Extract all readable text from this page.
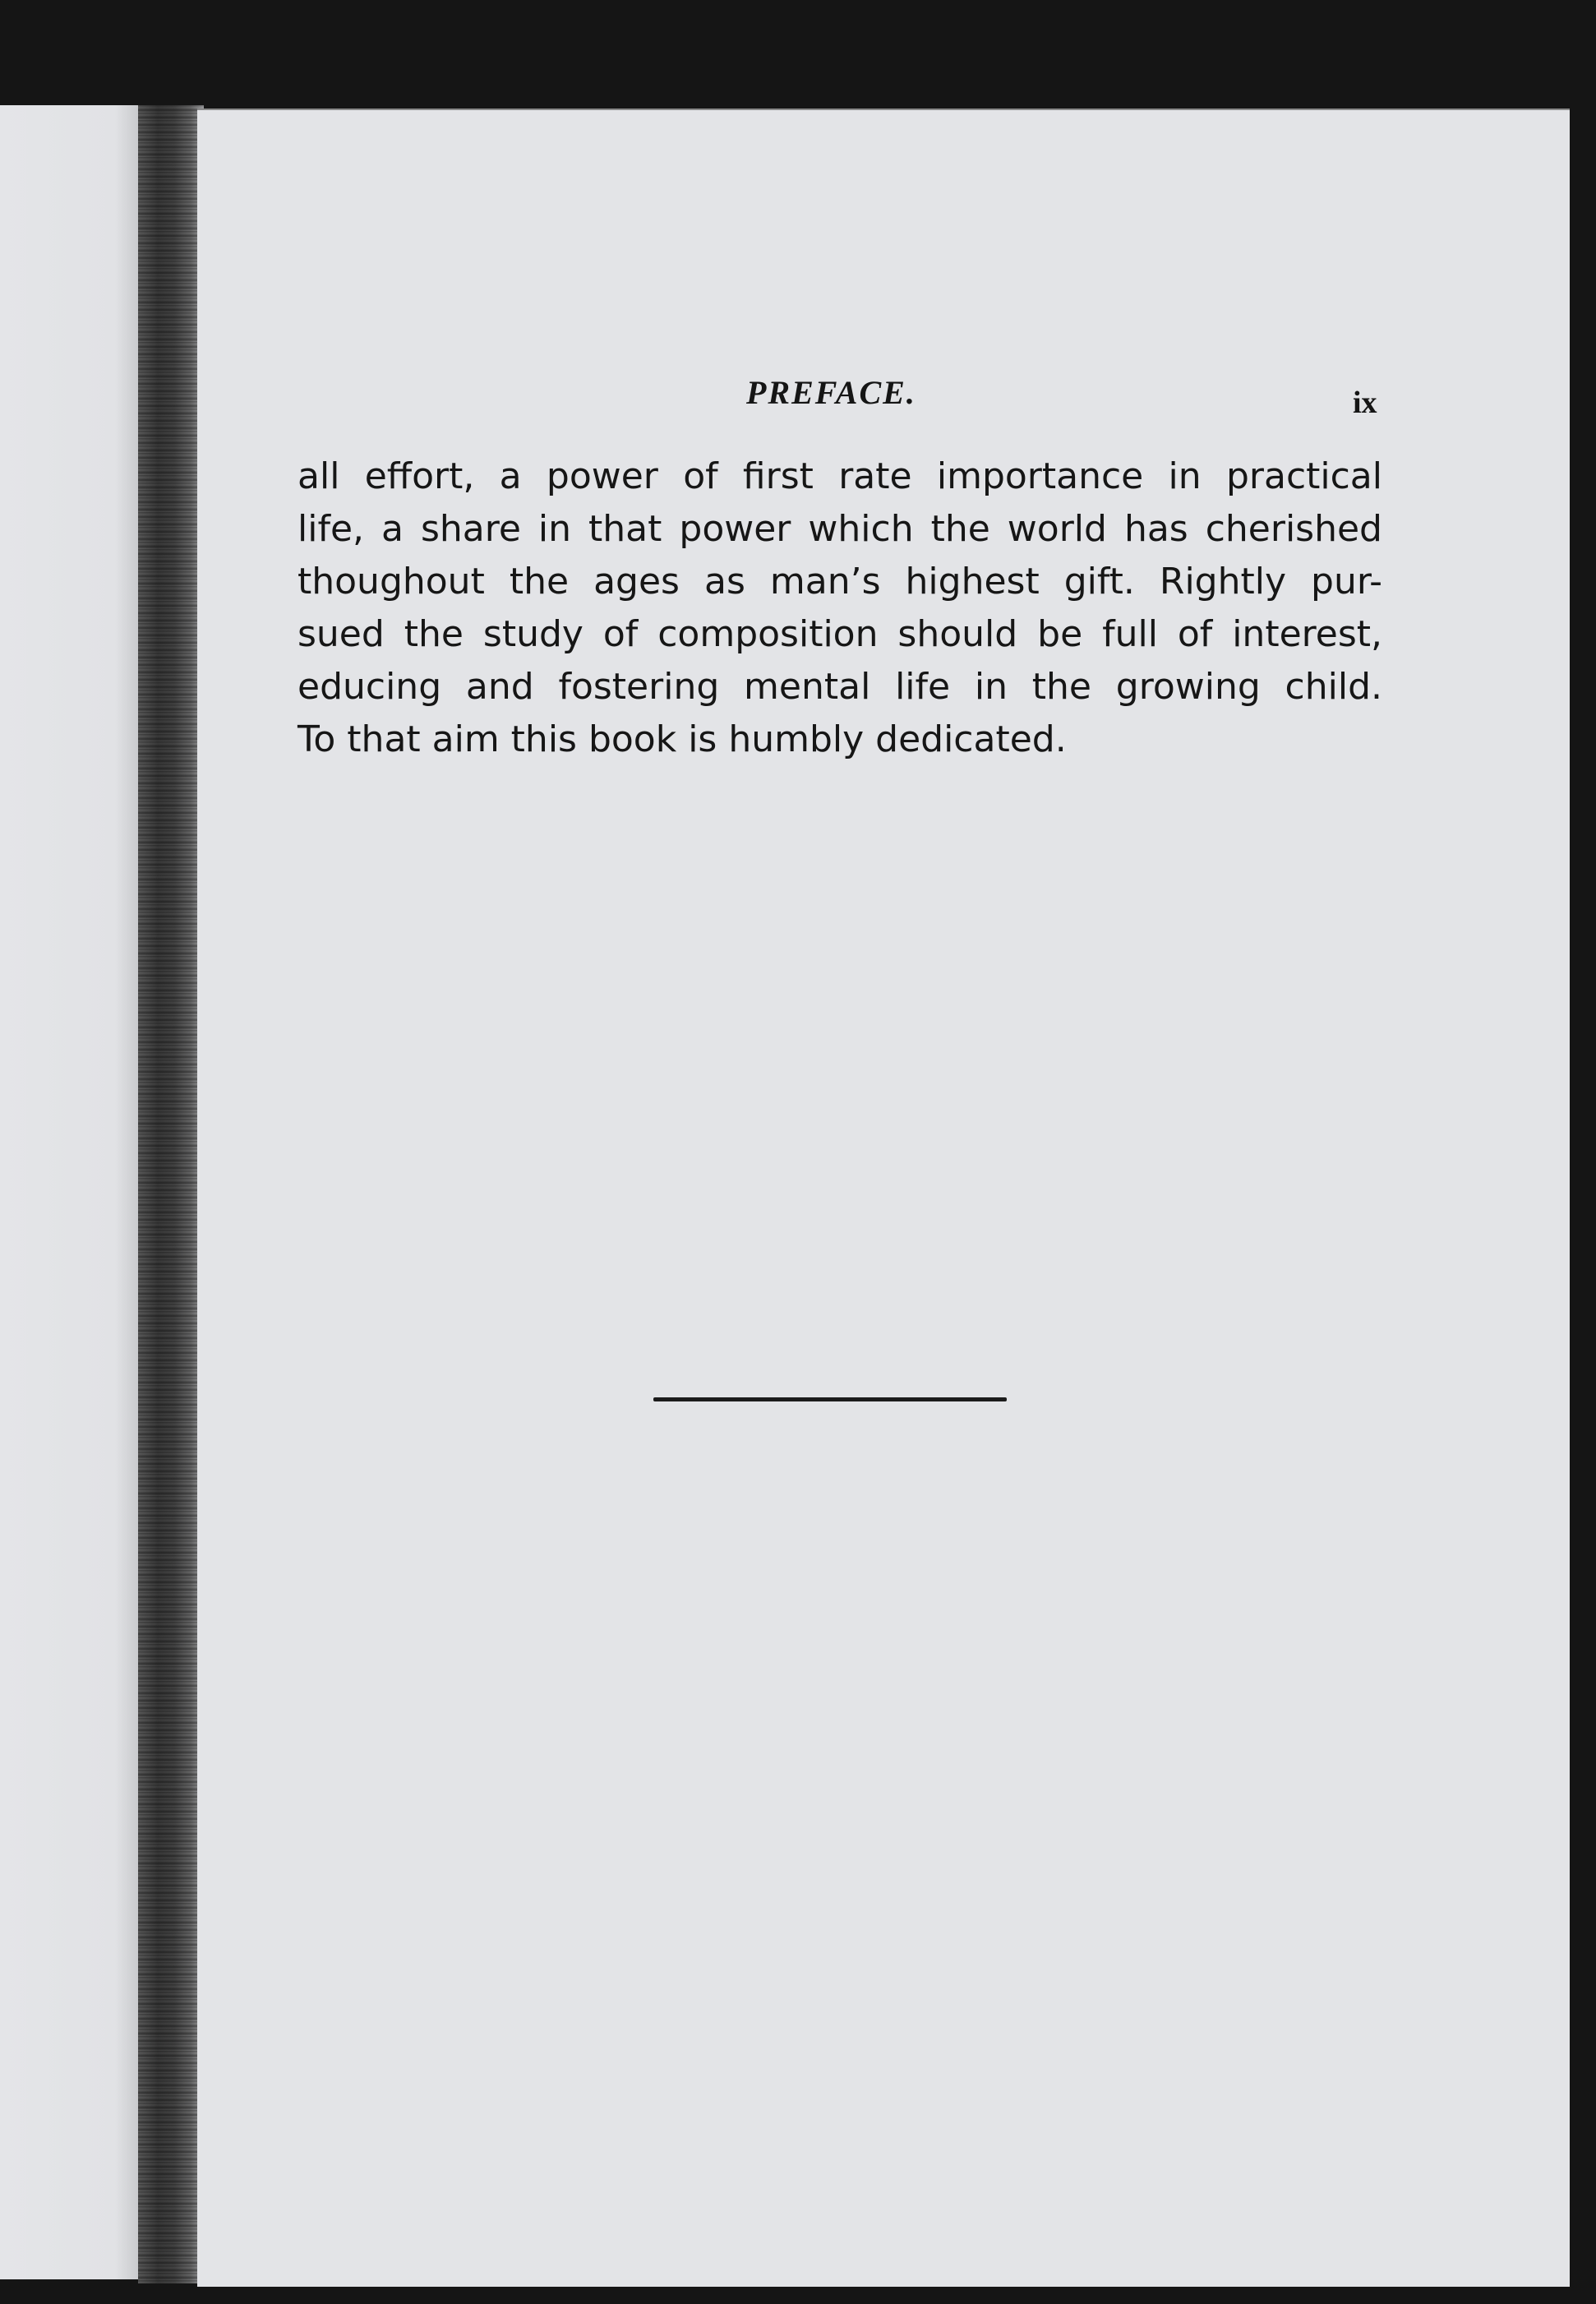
PREFACE.	ix
all effort, a power of first rate importance in practical
life, a share in that power which the world has cherished
thoughout the ages as man’s highest gift. Rightly pur-
sued the study of composition should be full of interest,
educing and fostering mental life in the growing child.
To that aim this book is humbly dedicated.
